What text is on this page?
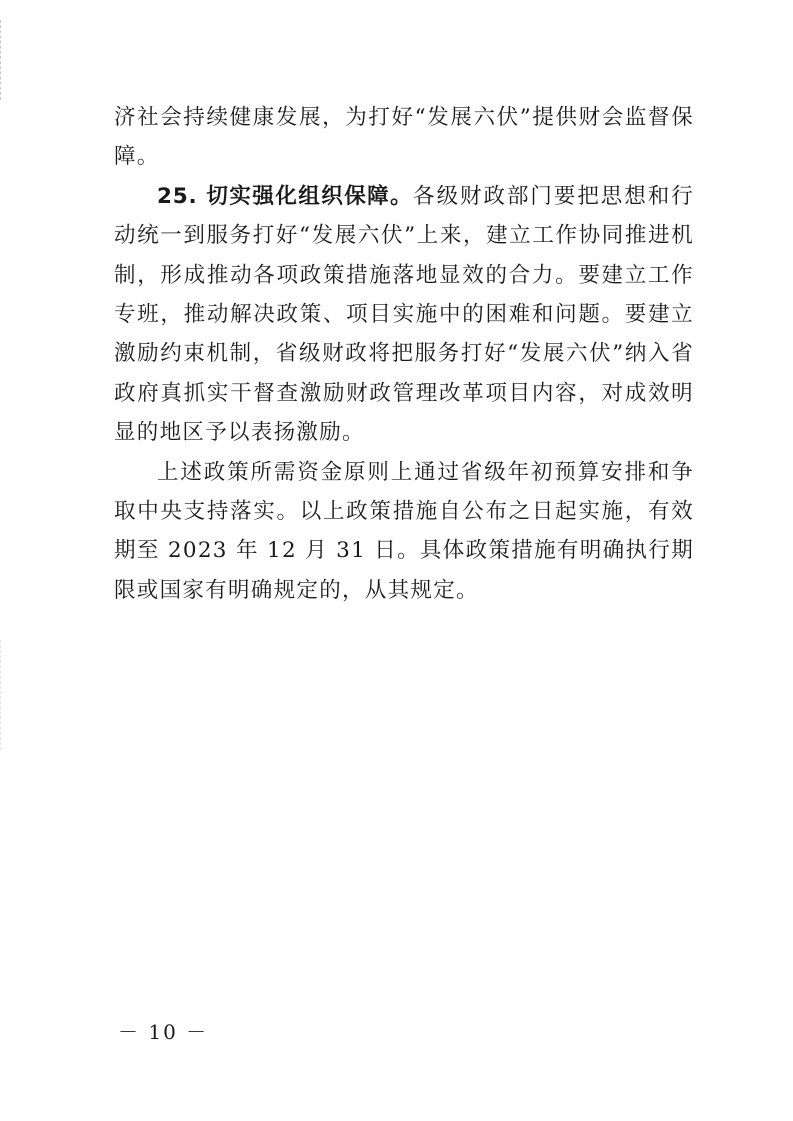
济社会持续健康发展，为打好“发展六伏”提供财会监督保障。

25. 切实强化组织保障。各级财政部门要把思想和行动统一到服务打好“发展六伏”上来，建立工作协同推进机制，形成推动各项政策措施落地显效的合力。要建立工作专班，推动解决政策、项目实施中的困难和问题。要建立激励约束机制，省级财政将把服务打好“发展六伏”纳入省政府真抓实干督查激励财政管理改革项目内容，对成效明显的地区予以表扬激励。

上述政策所需资金原则上通过省级年初预算安排和争取中央支持落实。以上政策措施自公布之日起实施，有效期至 2023 年 12 月 31 日。具体政策措施有明确执行期限或国家有明确规定的，从其规定。

－ 10 －
